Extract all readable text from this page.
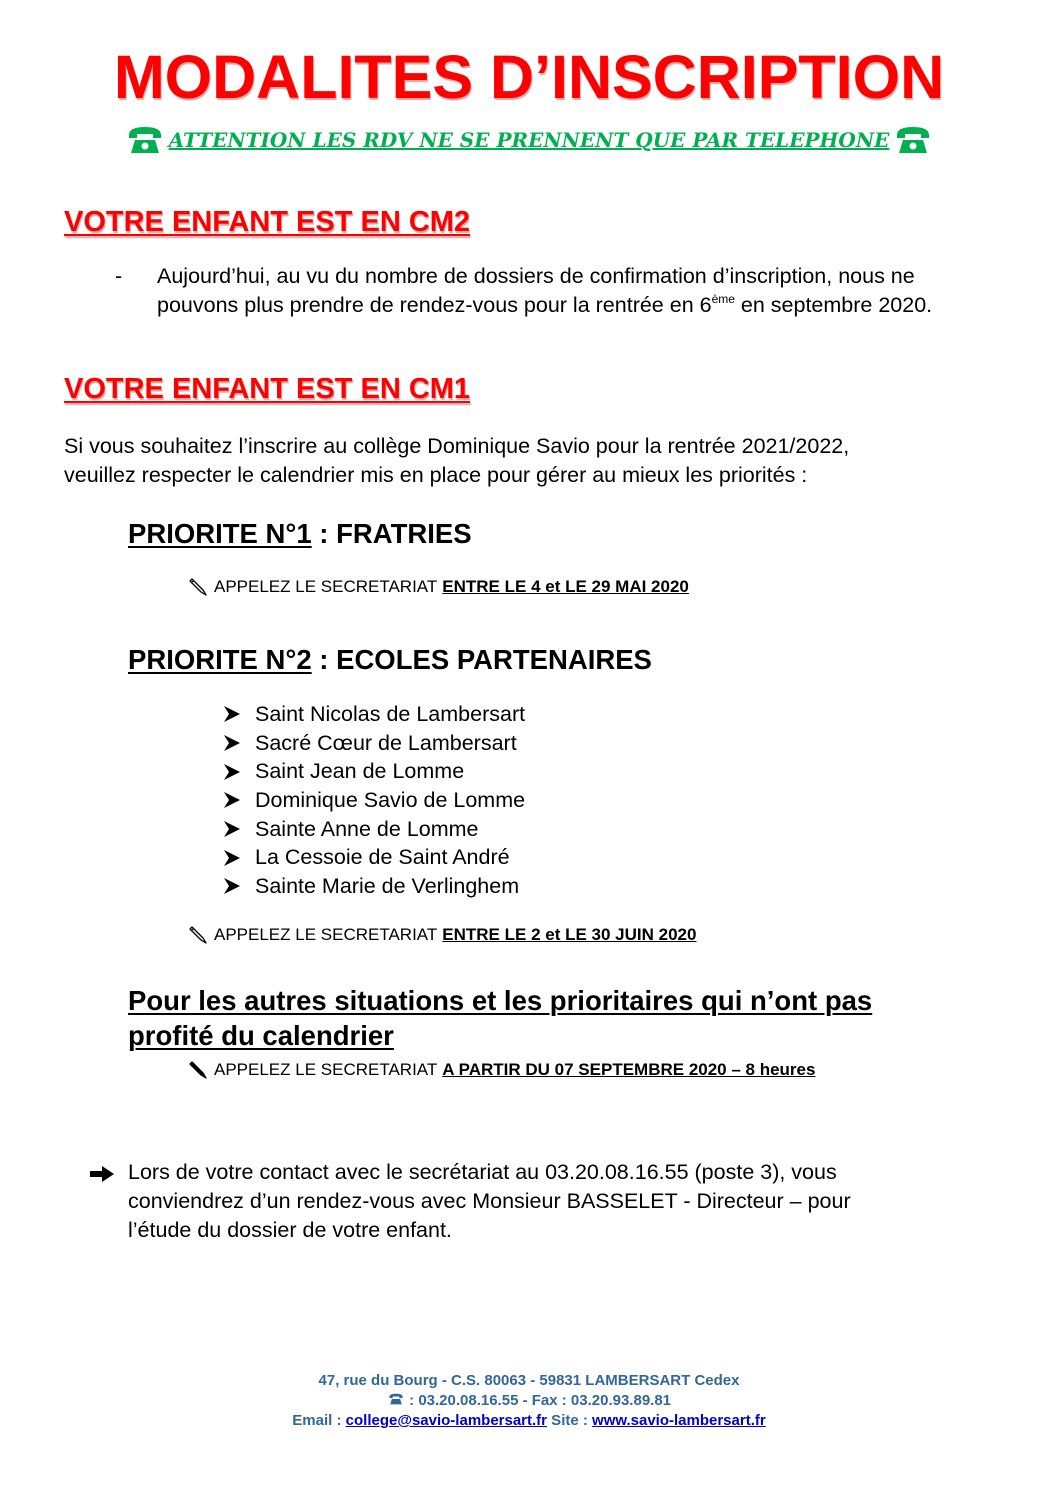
MODALITES D’INSCRIPTION
ATTENTION LES RDV NE SE PRENNENT QUE PAR TELEPHONE
VOTRE ENFANT EST EN CM2
-	Aujourd’hui, au vu du nombre de dossiers de confirmation d’inscription, nous ne pouvons plus prendre de rendez-vous pour la rentrée en 6ème en septembre 2020.
VOTRE ENFANT EST EN CM1
Si vous souhaitez l’inscrire au collège Dominique Savio pour la rentrée 2021/2022,
veuillez respecter le calendrier mis en place pour gérer au mieux les priorités :
PRIORITE N°1 : FRATRIES
APPELEZ LE SECRETARIAT ENTRE LE 4 et LE 29 MAI 2020
PRIORITE N°2 : ECOLES PARTENAIRES
Saint Nicolas de Lambersart
Sacré Cœur de Lambersart
Saint Jean de Lomme
Dominique Savio de Lomme
Sainte Anne de Lomme
La Cessoie de Saint André
Sainte Marie de Verlinghem
APPELEZ LE SECRETARIAT ENTRE LE 2 et LE 30 JUIN 2020
Pour les autres situations et les prioritaires qui n’ont pas
profité du calendrier
APPELEZ LE SECRETARIAT A PARTIR DU 07 SEPTEMBRE 2020 – 8 heures
Lors de votre contact avec le secrétariat au 03.20.08.16.55 (poste 3), vous
conviendrez d’un rendez-vous avec Monsieur BASSELET - Directeur – pour
l’étude du dossier de votre enfant.
47, rue du Bourg - C.S. 80063 - 59831 LAMBERSART Cedex
: 03.20.08.16.55 - Fax : 03.20.93.89.81
Email : college@savio-lambersart.fr Site : www.savio-lambersart.fr
